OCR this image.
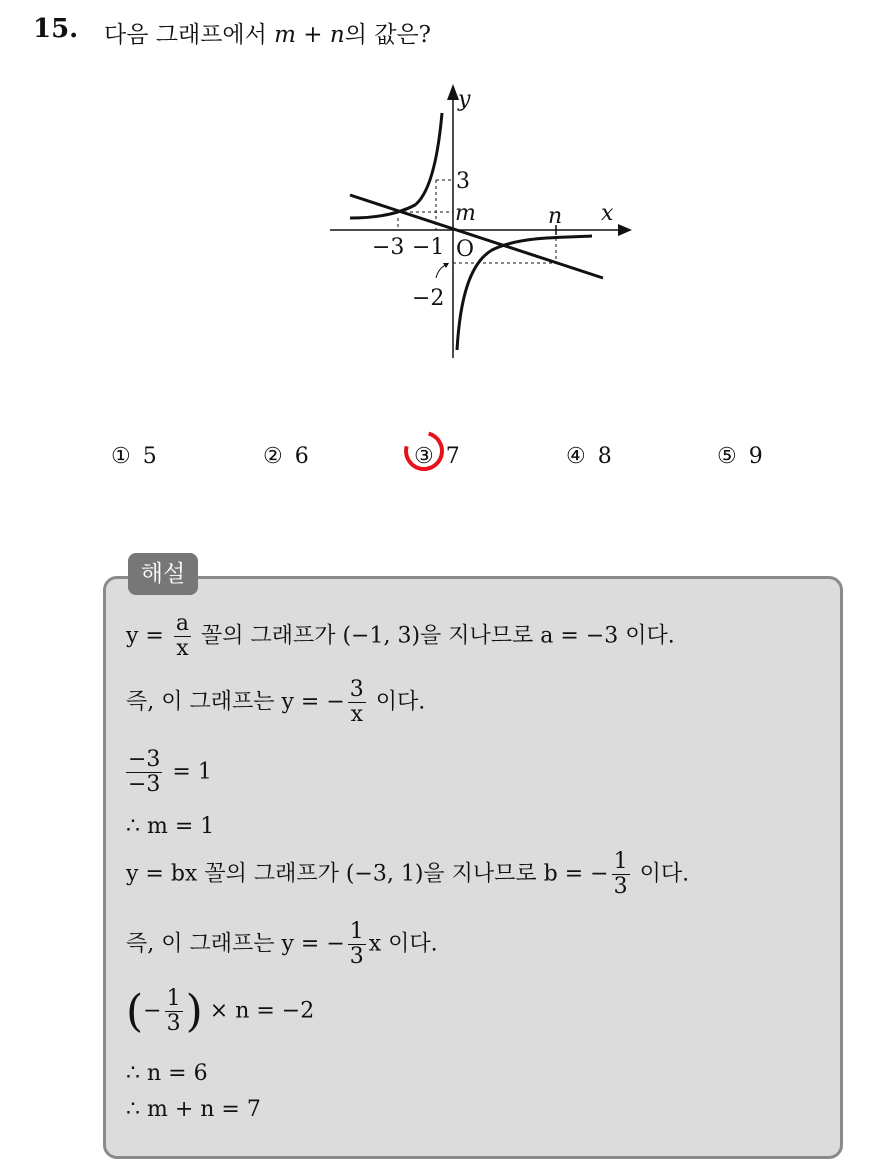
15. 다음 그래프에서 m + n의 값은?
y
x
3
m	n
−3 −1 O
−2
① 5	② 6	③ 7	④ 8	⑤ 9
해설
$y = \frac{a}{x}$ 꼴의 그래프가 (−1, 3)을 지나므로 a = −3 이다.
즉, 이 그래프는 y = − $\frac{3}{x}$ 이다.
$\frac{-3}{-3} = 1$
∴ m = 1
y = bx 꼴의 그래프가 (−3, 1)을 지나므로 b = − $\frac{1}{3}$ 이다.
즉, 이 그래프는 y = − $\frac{1}{3}$ x 이다.
(− $\frac{1}{3}$ ) × n = −2
∴ n = 6
∴ m + n = 7
